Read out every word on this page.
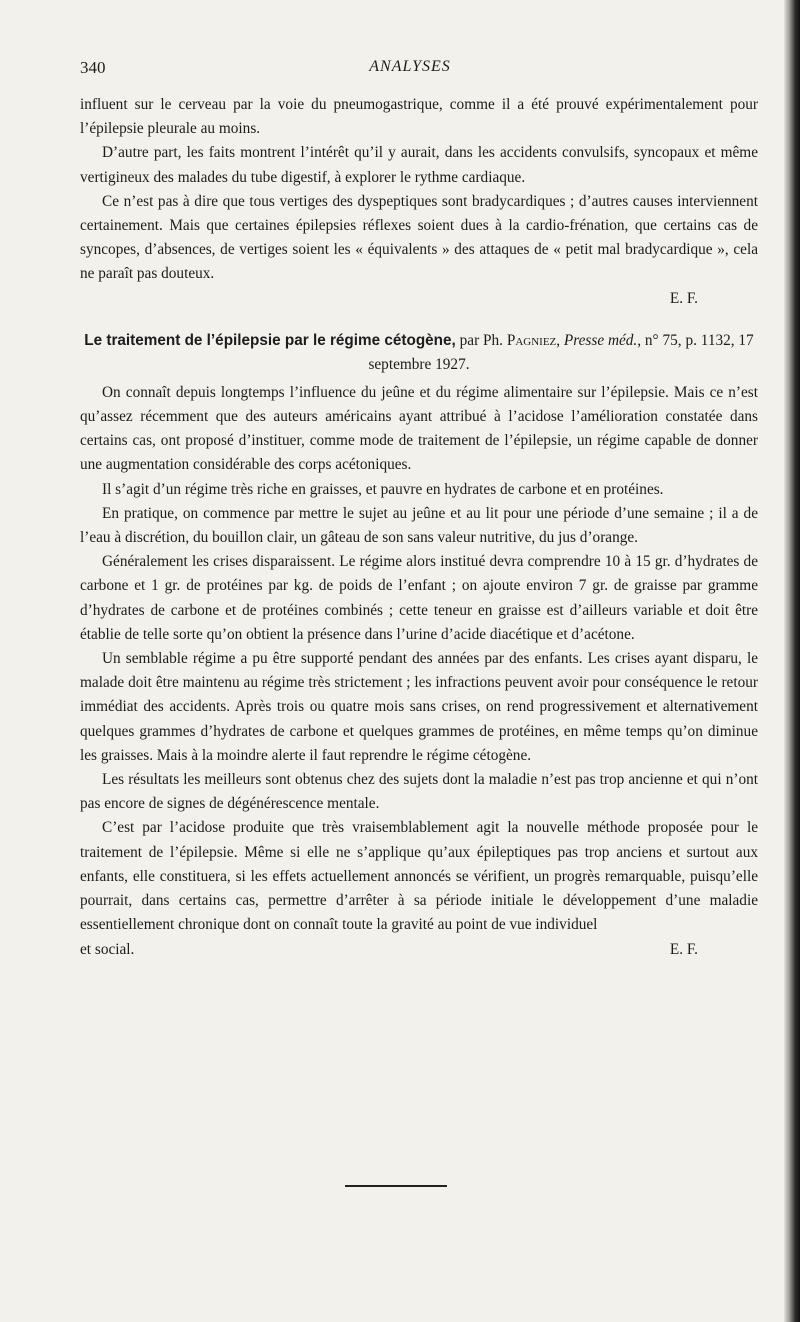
340	ANALYSES

influent sur le cerveau par la voie du pneumogastrique, comme il a été prouvé expérimentalement pour l’épilepsie pleurale au moins.

D’autre part, les faits montrent l’intérêt qu’il y aurait, dans les accidents convulsifs, syncopaux et même vertigineux des malades du tube digestif, à explorer le rythme cardiaque.

Ce n’est pas à dire que tous vertiges des dyspeptiques sont bradycardiques ; d’autres causes interviennent certainement. Mais que certaines épilepsies réflexes soient dues à la cardio-frénation, que certains cas de syncopes, d’absences, de vertiges soient les « équivalents » des attaques de « petit mal bradycardique », cela ne paraît pas douteux.

E. F.
Le traitement de l’épilepsie par le régime cétogène, par Ph. Pagniez, Presse méd., n° 75, p. 1132, 17 septembre 1927.

On connaît depuis longtemps l’influence du jeûne et du régime alimentaire sur l’épilepsie. Mais ce n’est qu’assez récemment que des auteurs américains ayant attribué à l’acidose l’amélioration constatée dans certains cas, ont proposé d’instituer, comme mode de traitement de l’épilepsie, un régime capable de donner une augmentation considérable des corps acétoniques.

Il s’agit d’un régime très riche en graisses, et pauvre en hydrates de carbone et en protéines.

En pratique, on commence par mettre le sujet au jeûne et au lit pour une période d’une semaine ; il a de l’eau à discrétion, du bouillon clair, un gâteau de son sans valeur nutritive, du jus d’orange.

Généralement les crises disparaissent. Le régime alors institué devra comprendre 10 à 15 gr. d’hydrates de carbone et 1 gr. de protéines par kg. de poids de l’enfant ; on ajoute environ 7 gr. de graisse par gramme d’hydrates de carbone et de protéines combinés ; cette teneur en graisse est d’ailleurs variable et doit être établie de telle sorte qu’on obtient la présence dans l’urine d’acide diacétique et d’acétone.

Un semblable régime a pu être supporté pendant des années par des enfants. Les crises ayant disparu, le malade doit être maintenu au régime très strictement ; les infractions peuvent avoir pour conséquence le retour immédiat des accidents. Après trois ou quatre mois sans crises, on rend progressivement et alternativement quelques grammes d’hydrates de carbone et quelques grammes de protéines, en même temps qu’on diminue les graisses. Mais à la moindre alerte il faut reprendre le régime cétogène.

Les résultats les meilleurs sont obtenus chez des sujets dont la maladie n’est pas trop ancienne et qui n’ont pas encore de signes de dégénérescence mentale.

C’est par l’acidose produite que très vraisemblablement agit la nouvelle méthode proposée pour le traitement de l’épilepsie. Même si elle ne s’applique qu’aux épileptiques pas trop anciens et surtout aux enfants, elle constituera, si les effets actuellement annoncés se vérifient, un progrès remarquable, puisqu’elle pourrait, dans certains cas, permettre d’arrêter à sa période initiale le développement d’une maladie essentiellement chronique dont on connaît toute la gravité au point de vue individuel

et social.	E. F.
